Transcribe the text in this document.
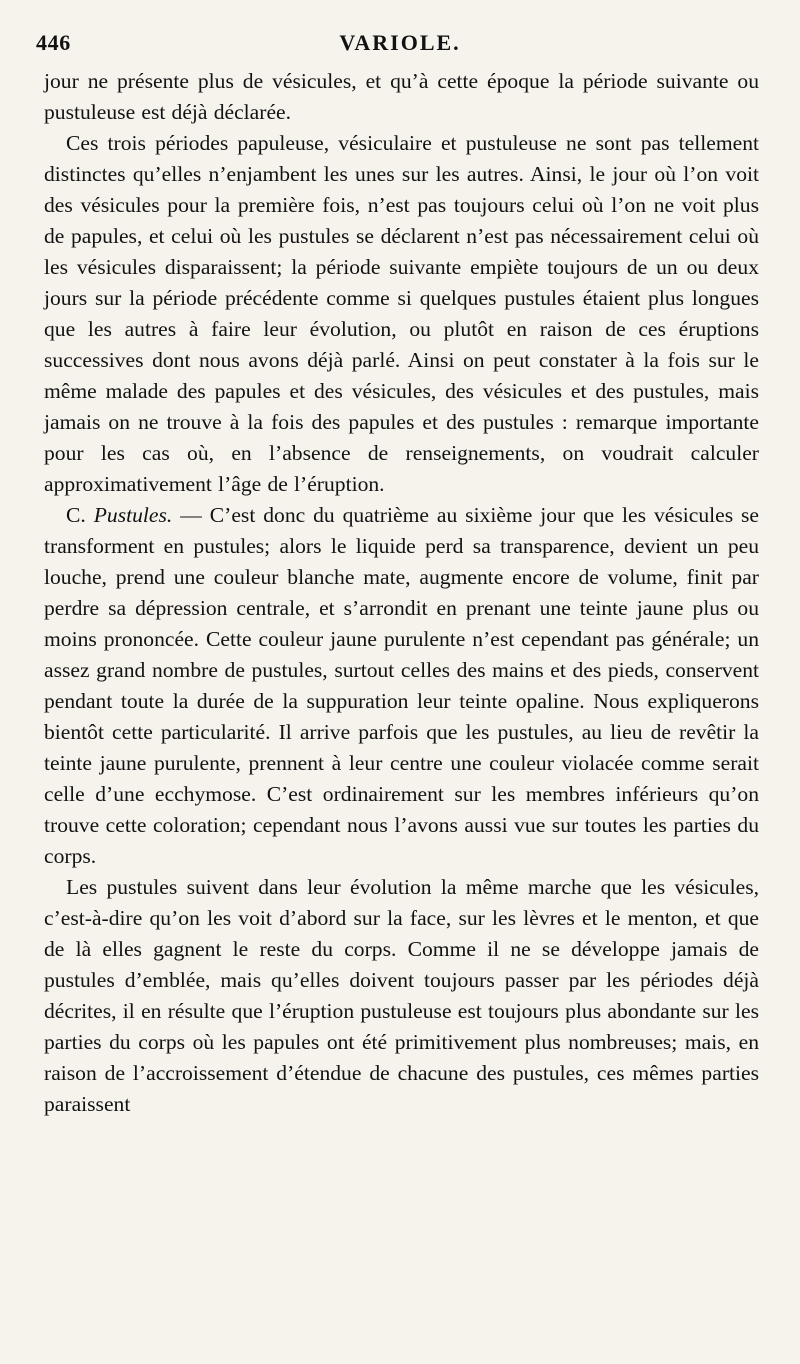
446	VARIOLE.

jour ne présente plus de vésicules, et qu’à cette époque la période suivante ou pustuleuse est déjà déclarée.

Ces trois périodes papuleuse, vésiculaire et pustuleuse ne sont pas tellement distinctes qu’elles n’enjambent les unes sur les autres. Ainsi, le jour où l’on voit des vésicules pour la première fois, n’est pas toujours celui où l’on ne voit plus de papules, et celui où les pustules se déclarent n’est pas nécessairement celui où les vésicules disparaissent; la période suivante empiète toujours de un ou deux jours sur la période précédente comme si quelques pustules étaient plus longues que les autres à faire leur évolution, ou plutôt en raison de ces éruptions successives dont nous avons déjà parlé. Ainsi on peut constater à la fois sur le même malade des papules et des vésicules, des vésicules et des pustules, mais jamais on ne trouve à la fois des papules et des pustules : remarque importante pour les cas où, en l’absence de renseignements, on voudrait calculer approximativement l’âge de l’éruption.

C. Pustules. — C’est donc du quatrième au sixième jour que les vésicules se transforment en pustules; alors le liquide perd sa transparence, devient un peu louche, prend une couleur blanche mate, augmente encore de volume, finit par perdre sa dépression centrale, et s’arrondit en prenant une teinte jaune plus ou moins prononcée. Cette couleur jaune purulente n’est cependant pas générale; un assez grand nombre de pustules, surtout celles des mains et des pieds, conservent pendant toute la durée de la suppuration leur teinte opaline. Nous expliquerons bientôt cette particularité. Il arrive parfois que les pustules, au lieu de revêtir la teinte jaune purulente, prennent à leur centre une couleur violacée comme serait celle d’une ecchymose. C’est ordinairement sur les membres inférieurs qu’on trouve cette coloration; cependant nous l’avons aussi vue sur toutes les parties du corps.

Les pustules suivent dans leur évolution la même marche que les vésicules, c’est-à-dire qu’on les voit d’abord sur la face, sur les lèvres et le menton, et que de là elles gagnent le reste du corps. Comme il ne se développe jamais de pustules d’emblée, mais qu’elles doivent toujours passer par les périodes déjà décrites, il en résulte que l’éruption pustuleuse est toujours plus abondante sur les parties du corps où les papules ont été primitivement plus nombreuses; mais, en raison de l’accroissement d’étendue de chacune des pustules, ces mêmes parties paraissent
